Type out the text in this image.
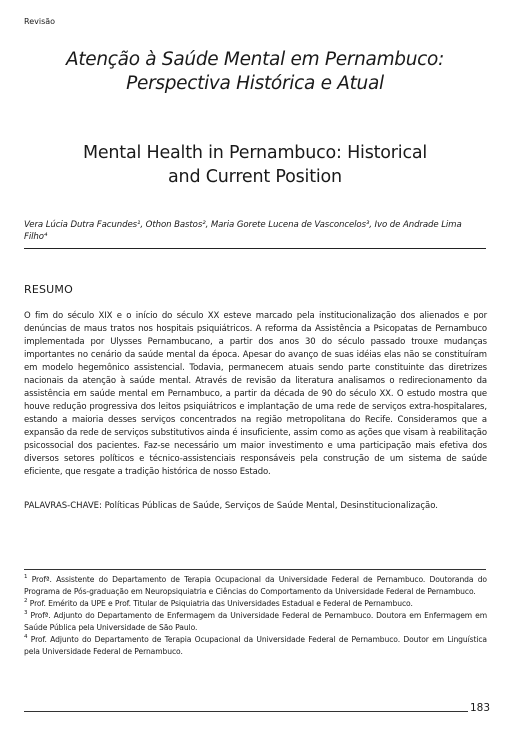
Revisão
Atenção à Saúde Mental em Pernambuco:
Perspectiva Histórica e Atual
Mental Health in Pernambuco: Historical
and Current Position
Vera Lúcia Dutra Facundes¹, Othon Bastos², Maria Gorete Lucena de Vasconcelos³, Ivo de Andrade Lima Filho⁴
RESUMO
O fim do século XIX e o início do século XX esteve marcado pela institucionalização dos alienados e por denúncias de maus tratos nos hospitais psiquiátricos. A reforma da Assistência a Psicopatas de Pernambuco implementada por Ulysses Pernambucano, a partir dos anos 30 do século passado trouxe mudanças importantes no cenário da saúde mental da época. Apesar do avanço de suas idéias elas não se constituíram em modelo hegemônico assistencial. Todavia, permanecem atuais sendo parte constituinte das diretrizes nacionais da atenção à saúde mental. Através de revisão da literatura analisamos o redirecionamento da assistência em saúde mental em Pernambuco, a partir da década de 90 do século XX. O estudo mostra que houve redução progressiva dos leitos psiquiátricos e implantação de uma rede de serviços extra-hospitalares, estando a maioria desses serviços concentrados na região metropolitana do Recife. Consideramos que a expansão da rede de serviços substitutivos ainda é insuficiente, assim como as ações que visam à reabilitação psicossocial dos pacientes. Faz-se necessário um maior investimento e uma participação mais efetiva dos diversos setores políticos e técnico-assistenciais responsáveis pela construção de um sistema de saúde eficiente, que resgate a tradição histórica de nosso Estado.
PALAVRAS-CHAVE: Políticas Públicas de Saúde, Serviços de Saúde Mental, Desinstitucionalização.

$^1$ Profª. Assistente do Departamento de Terapia Ocupacional da Universidade Federal de Pernambuco. Doutoranda do Programa de Pós-graduação em Neuropsiquiatria e Ciências do Comportamento da Universidade Federal de Pernambuco.

$^2$ Prof. Emérito da UPE e Prof. Titular de Psiquiatria das Universidades Estadual e Federal de Pernambuco.

$^3$ Profª. Adjunto do Departamento de Enfermagem da Universidade Federal de Pernambuco. Doutora em Enfermagem em Saúde Pública pela Universidade de São Paulo.

$^4$ Prof. Adjunto do Departamento de Terapia Ocupacional da Universidade Federal de Pernambuco. Doutor em Linguística pela Universidade Federal de Pernambuco.

183
